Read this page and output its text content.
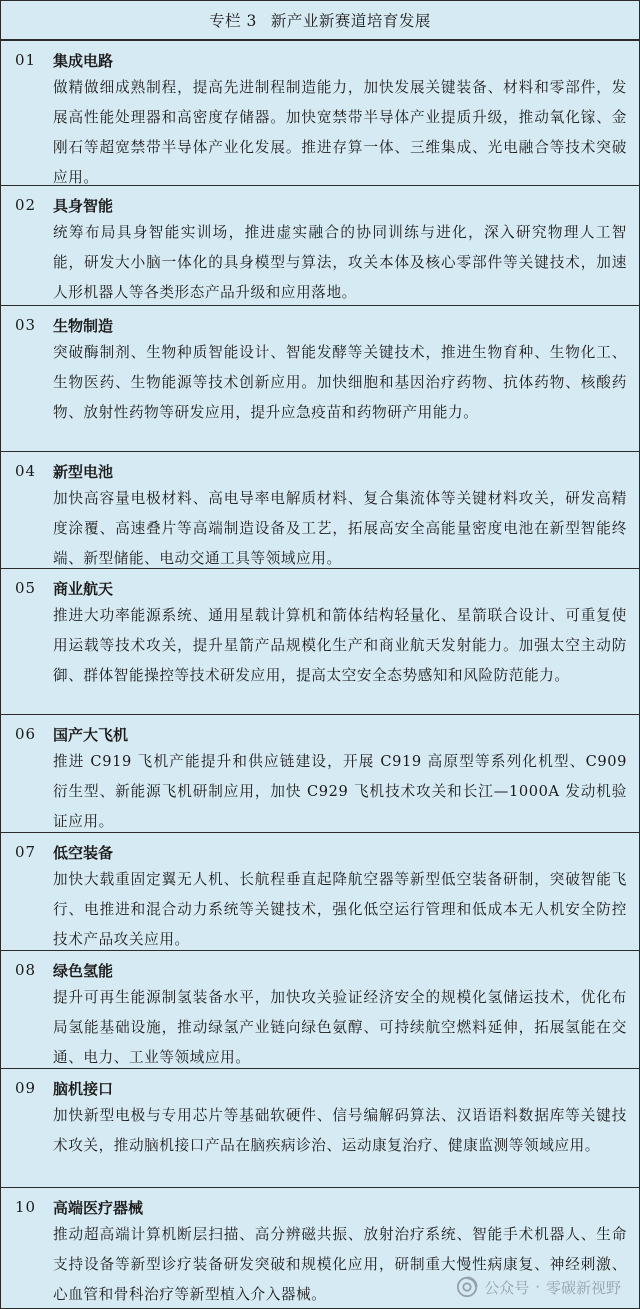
专栏 3 新产业新赛道培育发展
01	集成电路
做精做细成熟制程，提高先进制程制造能力，加快发展关键装备、材料和零部件，发展高性能处理器和高密度存储器。加快宽禁带半导体产业提质升级，推动氧化镓、金刚石等超宽禁带半导体产业化发展。推进存算一体、三维集成、光电融合等技术突破应用。
02	具身智能
统筹布局具身智能实训场，推进虚实融合的协同训练与进化，深入研究物理人工智能，研发大小脑一体化的具身模型与算法，攻关本体及核心零部件等关键技术，加速人形机器人等各类形态产品升级和应用落地。
03	生物制造
突破酶制剂、生物种质智能设计、智能发酵等关键技术，推进生物育种、生物化工、生物医药、生物能源等技术创新应用。加快细胞和基因治疗药物、抗体药物、核酸药物、放射性药物等研发应用，提升应急疫苗和药物研产用能力。
04	新型电池
加快高容量电极材料、高电导率电解质材料、复合集流体等关键材料攻关，研发高精度涂覆、高速叠片等高端制造设备及工艺，拓展高安全高能量密度电池在新型智能终端、新型储能、电动交通工具等领域应用。
05	商业航天
推进大功率能源系统、通用星载计算机和箭体结构轻量化、星箭联合设计、可重复使用运载等技术攻关，提升星箭产品规模化生产和商业航天发射能力。加强太空主动防御、群体智能操控等技术研发应用，提高太空安全态势感知和风险防范能力。
06	国产大飞机
推进 C919 飞机产能提升和供应链建设，开展 C919 高原型等系列化机型、C909 衍生型、新能源飞机研制应用，加快 C929 飞机技术攻关和长江—1000A 发动机验证应用。
07	低空装备
加快大载重固定翼无人机、长航程垂直起降航空器等新型低空装备研制，突破智能飞行、电推进和混合动力系统等关键技术，强化低空运行管理和低成本无人机安全防控技术产品攻关应用。
08	绿色氢能
提升可再生能源制氢装备水平，加快攻关验证经济安全的规模化氢储运技术，优化布局氢能基础设施，推动绿氢产业链向绿色氨醇、可持续航空燃料延伸，拓展氢能在交通、电力、工业等领域应用。
09	脑机接口
加快新型电极与专用芯片等基础软硬件、信号编解码算法、汉语语料数据库等关键技术攻关，推动脑机接口产品在脑疾病诊治、运动康复治疗、健康监测等领域应用。
10	高端医疗器械
推动超高端计算机断层扫描、高分辨磁共振、放射治疗系统、智能手术机器人、生命支持设备等新型诊疗装备研发突破和规模化应用，研制重大慢性病康复、神经刺激、心血管和骨科治疗等新型植入介入器械。	公众号 · 零碳新视野
